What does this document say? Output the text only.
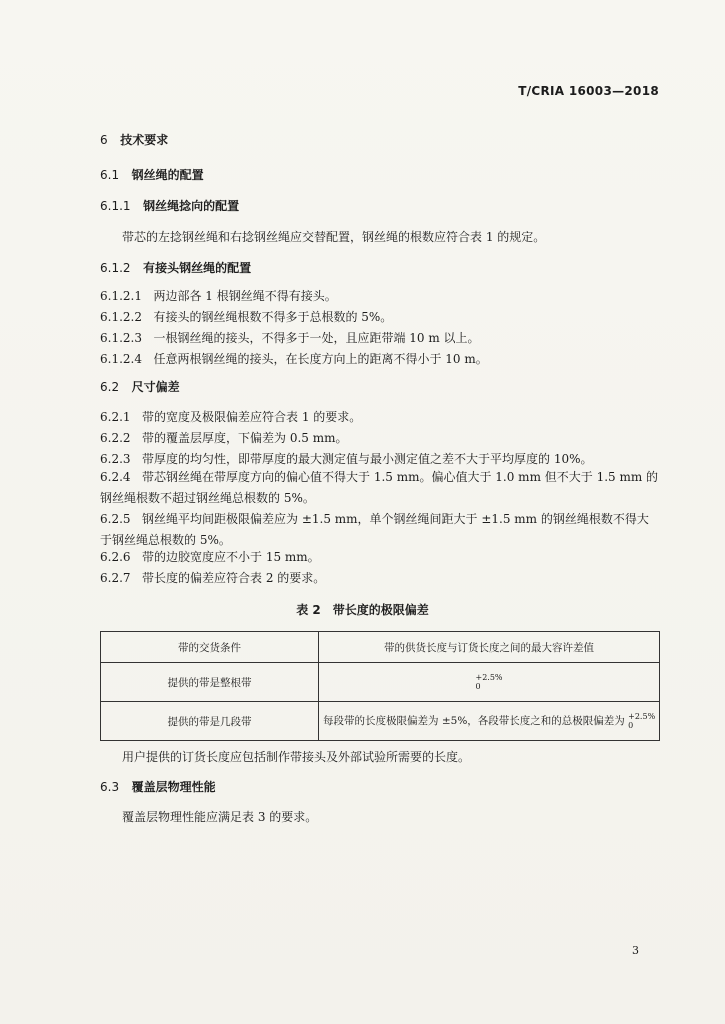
T/CRIA 16003—2018
6 技术要求
6.1 钢丝绳的配置
6.1.1 钢丝绳捻向的配置
带芯的左捻钢丝绳和右捻钢丝绳应交替配置，钢丝绳的根数应符合表 1 的规定。
6.1.2 有接头钢丝绳的配置
6.1.2.1 两边部各 1 根钢丝绳不得有接头。
6.1.2.2 有接头的钢丝绳根数不得多于总根数的 5%。
6.1.2.3 一根钢丝绳的接头，不得多于一处，且应距带端 10 m 以上。
6.1.2.4 任意两根钢丝绳的接头，在长度方向上的距离不得小于 10 m。
6.2 尺寸偏差
6.2.1 带的宽度及极限偏差应符合表 1 的要求。
6.2.2 带的覆盖层厚度，下偏差为 0.5 mm。
6.2.3 带厚度的均匀性，即带厚度的最大测定值与最小测定值之差不大于平均厚度的 10%。
6.2.4 带芯钢丝绳在带厚度方向的偏心值不得大于 1.5 mm。偏心值大于 1.0 mm 但不大于 1.5 mm 的钢丝绳根数不超过钢丝绳总根数的 5%。
6.2.5 钢丝绳平均间距极限偏差应为 ±1.5 mm，单个钢丝绳间距大于 ±1.5 mm 的钢丝绳根数不得大于钢丝绳总根数的 5%。
6.2.6 带的边胶宽度应不小于 15 mm。
6.2.7 带长度的偏差应符合表 2 的要求。
表 2　带长度的极限偏差
带的交货条件	带的供货长度与订货长度之间的最大容许差值
提供的带是整根带	+2.5%
0
提供的带是几段带	每段带的长度极限偏差为 ±5%，各段带长度之和的总极限偏差为 +2.5%
0
用户提供的订货长度应包括制作带接头及外部试验所需要的长度。
6.3 覆盖层物理性能
覆盖层物理性能应满足表 3 的要求。
3
